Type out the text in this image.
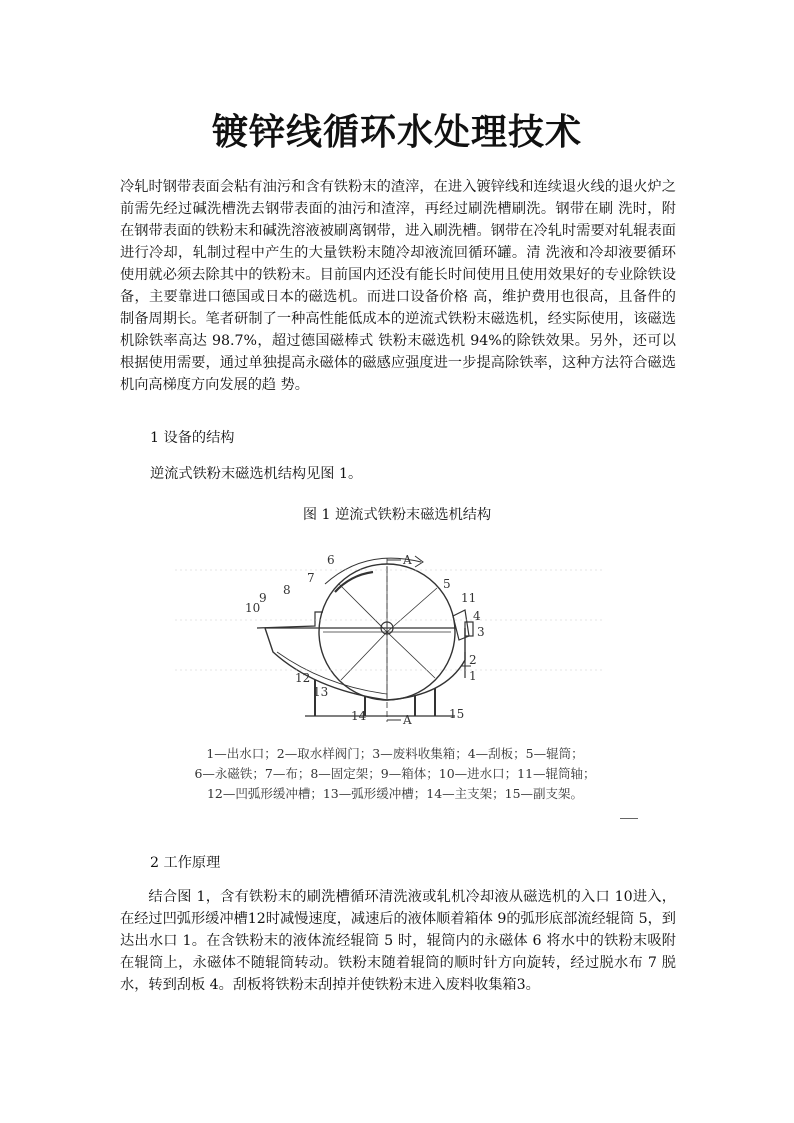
镀锌线循环水处理技术

冷轧时钢带表面会粘有油污和含有铁粉末的渣滓，在进入镀锌线和连续退火线的退火炉之前需先经过碱洗槽洗去钢带表面的油污和渣滓，再经过刷洗槽刷洗。钢带在刷 洗时，附在钢带表面的铁粉末和碱洗溶液被刷离钢带，进入刷洗槽。钢带在冷轧时需要对轧辊表面进行冷却，轧制过程中产生的大量铁粉末随冷却液流回循环罐。清 洗液和冷却液要循环使用就必须去除其中的铁粉末。目前国内还没有能长时间使用且使用效果好的专业除铁设备，主要靠进口德国或日本的磁选机。而进口设备价格 高，维护费用也很高，且备件的制备周期长。笔者研制了一种高性能低成本的逆流式铁粉末磁选机，经实际使用，该磁选机除铁率高达 98.7%，超过德国磁棒式 铁粉末磁选机 94%的除铁效果。另外，还可以根据使用需要，通过单独提高永磁体的磁感应强度进一步提高除铁率，这种方法符合磁选机向高梯度方向发展的趋 势。

1 设备的结构
逆流式铁粉末磁选机结构见图 1。
图 1 逆流式铁粉末磁选机结构
1
2
3
4
5
6
7
8
9
10
11
12
13
14	15
A
A
1—出水口；2—取水样阀门；3—废料收集箱；4—刮板；5—辊筒；
6—永磁铁；7—布；8—固定架；9—箱体；10—进水口；11—辊筒轴；
12—凹弧形缓冲槽；13—弧形缓冲槽；14—主支架；15—副支架。
2 工作原理

结合图 1，含有铁粉末的刷洗槽循环清洗液或轧机冷却液从磁选机的入口 10进入，在经过凹弧形缓冲槽12时减慢速度，减速后的液体顺着箱体 9的弧形底部流经辊筒 5，到达出水口 1。在含铁粉末的液体流经辊筒 5 时，辊筒内的永磁体 6 将水中的铁粉末吸附在辊筒上，永磁体不随辊筒转动。铁粉末随着辊筒的顺时针方向旋转，经过脱水布 7 脱水，转到刮板 4。刮板将铁粉末刮掉并使铁粉末进入废料收集箱3。
